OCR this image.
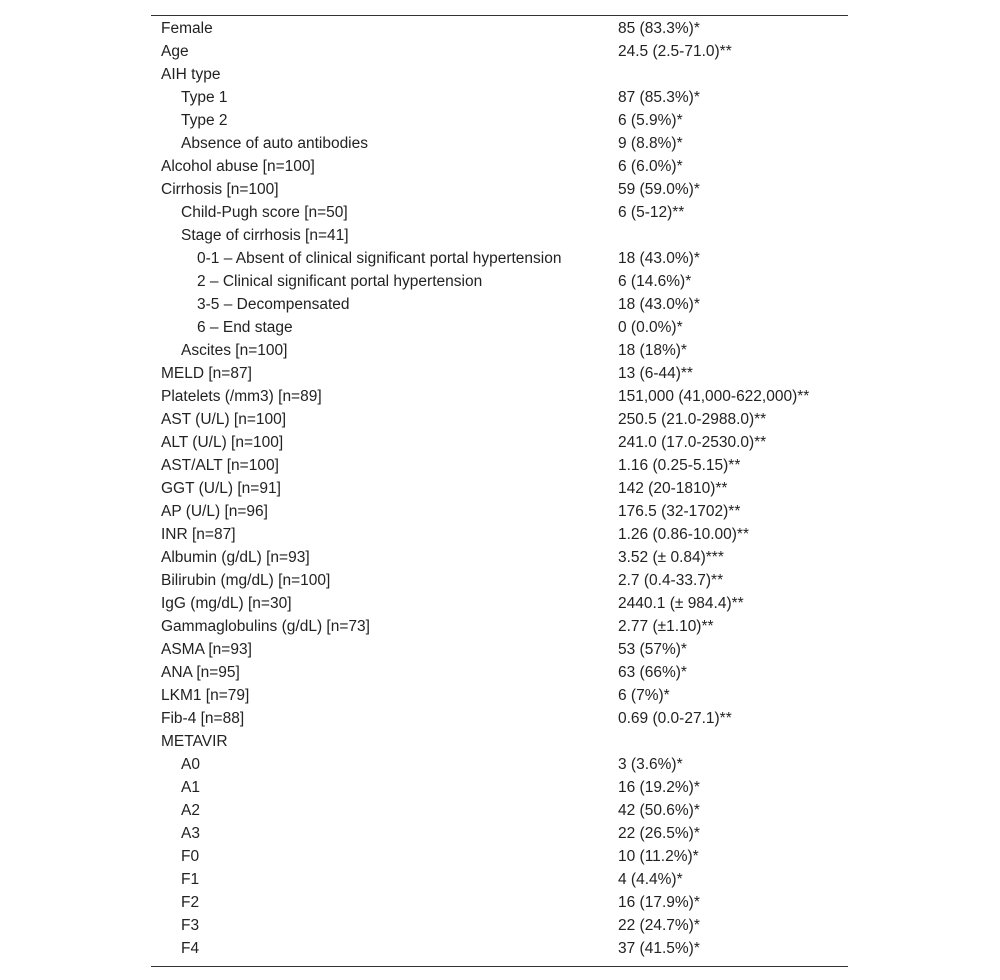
Female	85 (83.3%)*
Age	24.5 (2.5-71.0)**
AIH type
Type 1	87 (85.3%)*
Type 2	6 (5.9%)*
Absence of auto antibodies	9 (8.8%)*
Alcohol abuse [n=100]	6 (6.0%)*
Cirrhosis [n=100]	59 (59.0%)*
Child-Pugh score [n=50]	6 (5-12)**
Stage of cirrhosis [n=41]
0-1 – Absent of clinical significant portal hypertension	18 (43.0%)*
2 – Clinical significant portal hypertension	6 (14.6%)*
3-5 – Decompensated	18 (43.0%)*
6 – End stage	0 (0.0%)*
Ascites [n=100]	18 (18%)*
MELD [n=87]	13 (6-44)**
Platelets (/mm3) [n=89]	151,000 (41,000-622,000)**
AST (U/L) [n=100]	250.5 (21.0-2988.0)**
ALT (U/L) [n=100]	241.0 (17.0-2530.0)**
AST/ALT [n=100]	1.16 (0.25-5.15)**
GGT (U/L) [n=91]	142 (20-1810)**
AP (U/L) [n=96]	176.5 (32-1702)**
INR [n=87]	1.26 (0.86-10.00)**
Albumin (g/dL) [n=93]	3.52 (± 0.84)***
Bilirubin (mg/dL) [n=100]	2.7 (0.4-33.7)**
IgG (mg/dL) [n=30]	2440.1 (± 984.4)**
Gammaglobulins (g/dL) [n=73]	2.77 (±1.10)**
ASMA [n=93]	53 (57%)*
ANA [n=95]	63 (66%)*
LKM1 [n=79]	6 (7%)*
Fib-4 [n=88]	0.69 (0.0-27.1)**
METAVIR
A0	3 (3.6%)*
A1	16 (19.2%)*
A2	42 (50.6%)*
A3	22 (26.5%)*
F0	10 (11.2%)*
F1	4 (4.4%)*
F2	16 (17.9%)*
F3	22 (24.7%)*
F4	37 (41.5%)*
